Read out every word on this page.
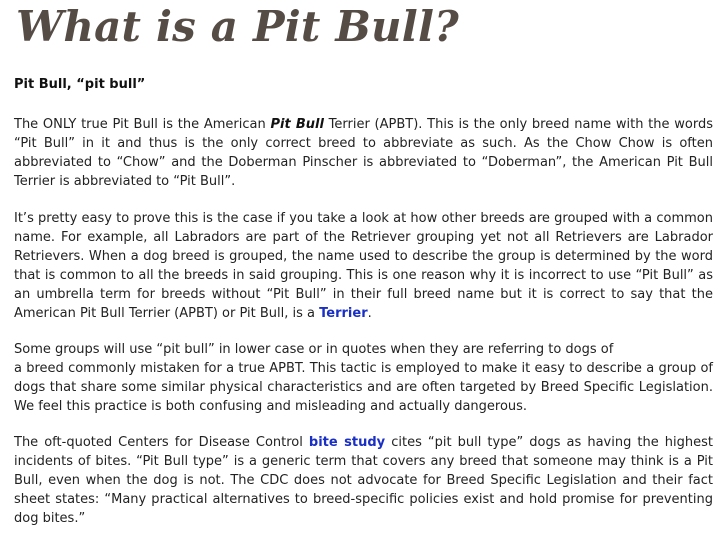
What is a Pit Bull?
Pit Bull, “pit bull”

The ONLY true Pit Bull is the American Pit Bull Terrier (APBT). This is the only breed name with the words “Pit Bull” in it and thus is the only correct breed to abbreviate as such. As the Chow Chow is often abbreviated to “Chow” and the Doberman Pinscher is abbreviated to “Doberman”, the American Pit Bull Terrier is abbreviated to “Pit Bull”.

It’s pretty easy to prove this is the case if you take a look at how other breeds are grouped with a common name. For example, all Labradors are part of the Retriever grouping yet not all Retrievers are Labrador Retrievers. When a dog breed is grouped, the name used to describe the group is determined by the word that is common to all the breeds in said grouping. This is one reason why it is incorrect to use “Pit Bull” as an umbrella term for breeds without “Pit Bull” in their full breed name but it is correct to say that the American Pit Bull Terrier (APBT) or Pit Bull, is a Terrier.

Some groups will use “pit bull” in lower case or in quotes when they are referring to dogs of
a breed commonly mistaken for a true APBT. This tactic is employed to make it easy to describe a group of dogs that share some similar physical characteristics and are often targeted by Breed Specific Legislation. We feel this practice is both confusing and misleading and actually dangerous.

The oft-quoted Centers for Disease Control bite study cites “pit bull type” dogs as having the highest incidents of bites. “Pit Bull type” is a generic term that covers any breed that someone may think is a Pit Bull, even when the dog is not. The CDC does not advocate for Breed Specific Legislation and their fact sheet states: “Many practical alternatives to breed-specific policies exist and hold promise for preventing dog bites.”
